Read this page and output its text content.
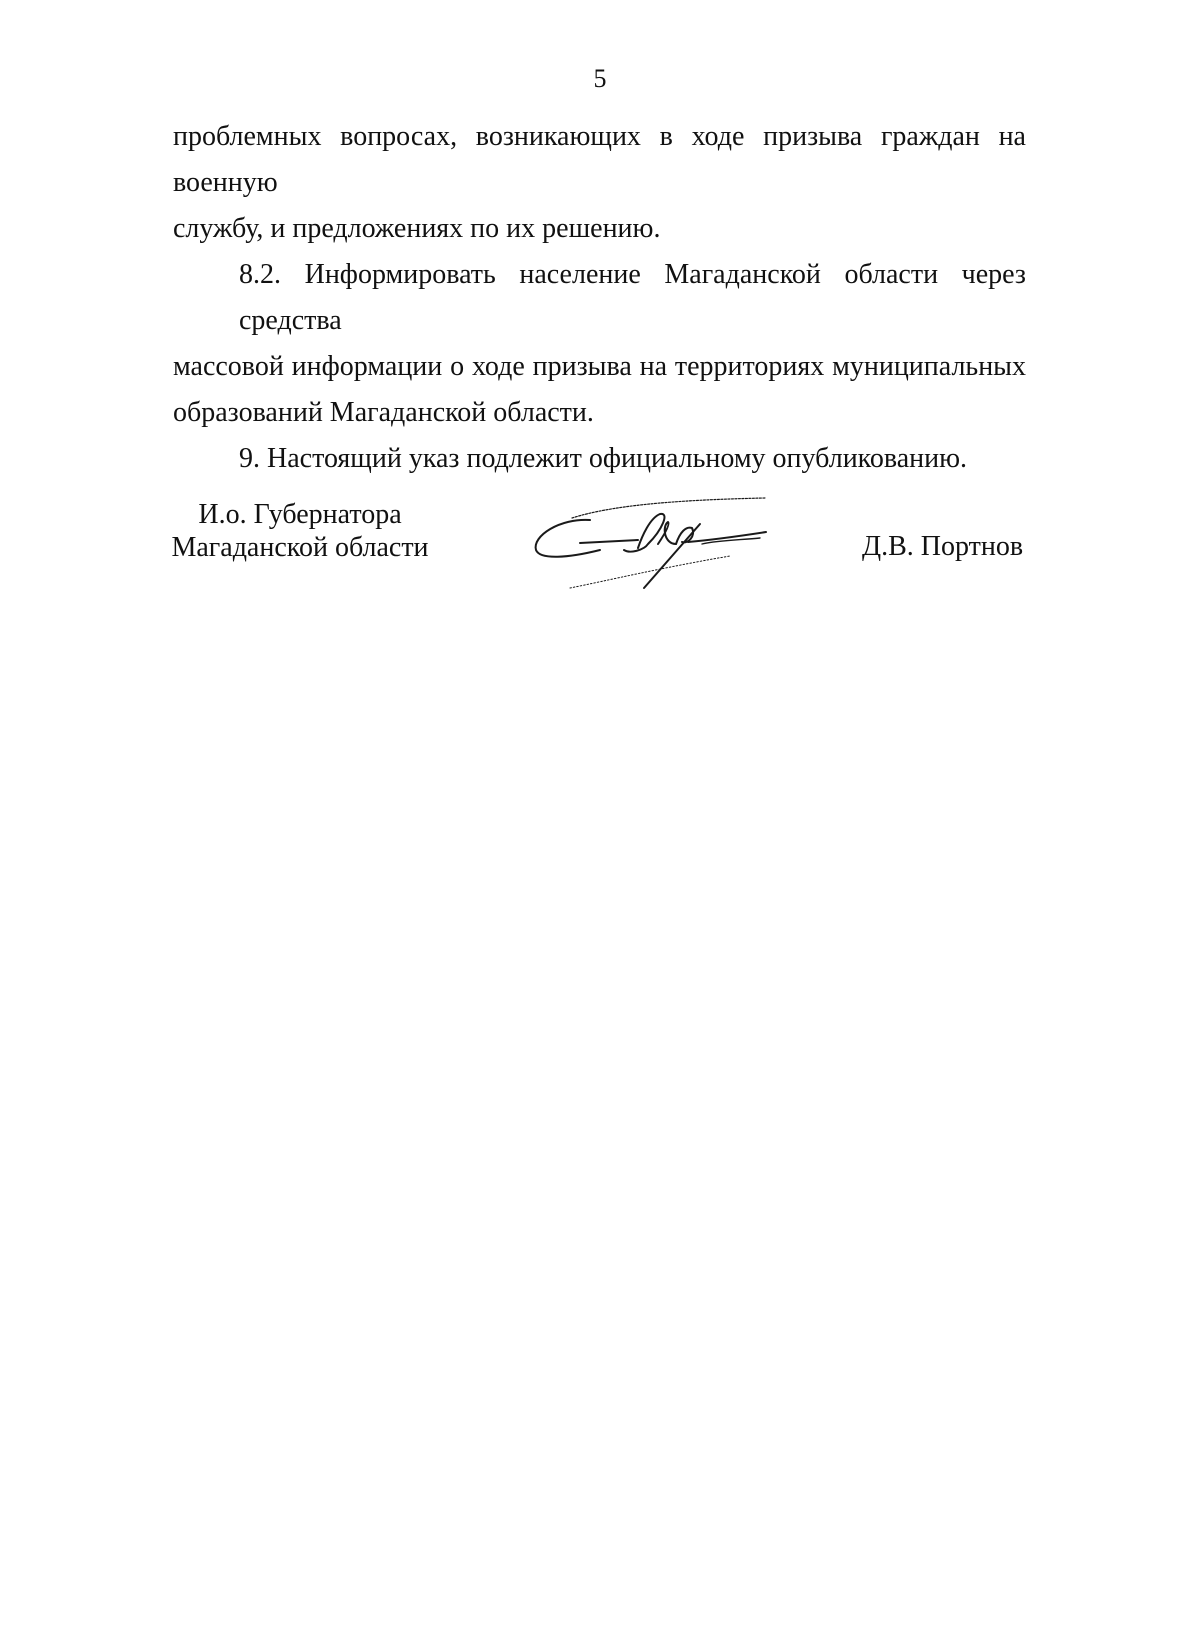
5

проблемных вопросах, возникающих в ходе призыва граждан на военную
службу, и предложениях по их решению.

8.2. Информировать население Магаданской области через средства
массовой информации о ходе призыва на территориях муниципальных
образований Магаданской области.

9. Настоящий указ подлежит официальному опубликованию.

И.о. Губернатора
Магаданской области	Д.В. Портнов
